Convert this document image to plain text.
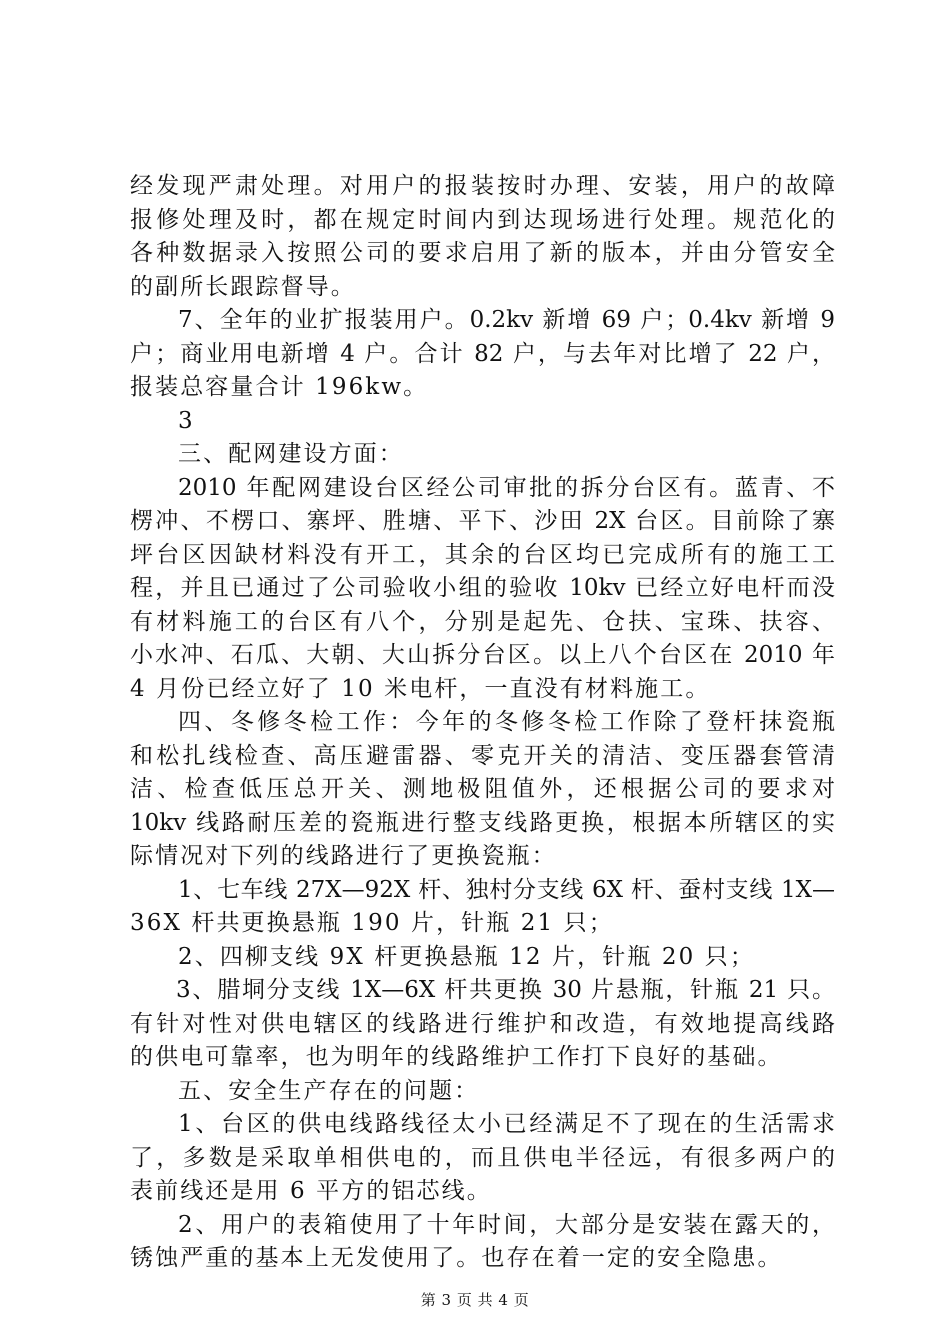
经发现严肃处理。对用户的报装按时办理、安装，用户的故障
报修处理及时，都在规定时间内到达现场进行处理。规范化的
各种数据录入按照公司的要求启用了新的版本，并由分管安全
的副所长跟踪督导。
7、全年的业扩报装用户。0.2kv 新增 69 户；0.4kv 新增 9
户；商业用电新增 4 户。合计 82 户，与去年对比增了 22 户，
报装总容量合计 196kw。
3
三、配网建设方面：
2010 年配网建设台区经公司审批的拆分台区有。蓝青、不
楞冲、不楞口、寨坪、胜塘、平下、沙田 2X 台区。目前除了寨
坪台区因缺材料没有开工，其余的台区均已完成所有的施工工
程，并且已通过了公司验收小组的验收 10kv 已经立好电杆而没
有材料施工的台区有八个，分别是起先、仓扶、宝珠、扶容、
小水冲、石瓜、大朝、大山拆分台区。以上八个台区在 2010 年
4 月份已经立好了 10 米电杆，一直没有材料施工。
四、冬修冬检工作：今年的冬修冬检工作除了登杆抹瓷瓶
和松扎线检查、高压避雷器、零克开关的清洁、变压器套管清
洁、检查低压总开关、测地极阻值外，还根据公司的要求对
10kv 线路耐压差的瓷瓶进行整支线路更换，根据本所辖区的实
际情况对下列的线路进行了更换瓷瓶：
1、七车线 27X—92X 杆、独村分支线 6X 杆、蚕村支线 1X—
36X 杆共更换悬瓶 190 片，针瓶 21 只；
2、四柳支线 9X 杆更换悬瓶 12 片，针瓶 20 只；
3、腊垌分支线 1X—6X 杆共更换 30 片悬瓶，针瓶 21 只。
有针对性对供电辖区的线路进行维护和改造，有效地提高线路
的供电可靠率，也为明年的线路维护工作打下良好的基础。
五、安全生产存在的问题：
1、台区的供电线路线径太小已经满足不了现在的生活需求
了，多数是采取单相供电的，而且供电半径远，有很多两户的
表前线还是用 6 平方的铝芯线。
2、用户的表箱使用了十年时间，大部分是安装在露天的，
锈蚀严重的基本上无发使用了。也存在着一定的安全隐患。
第 3 页 共 4 页
